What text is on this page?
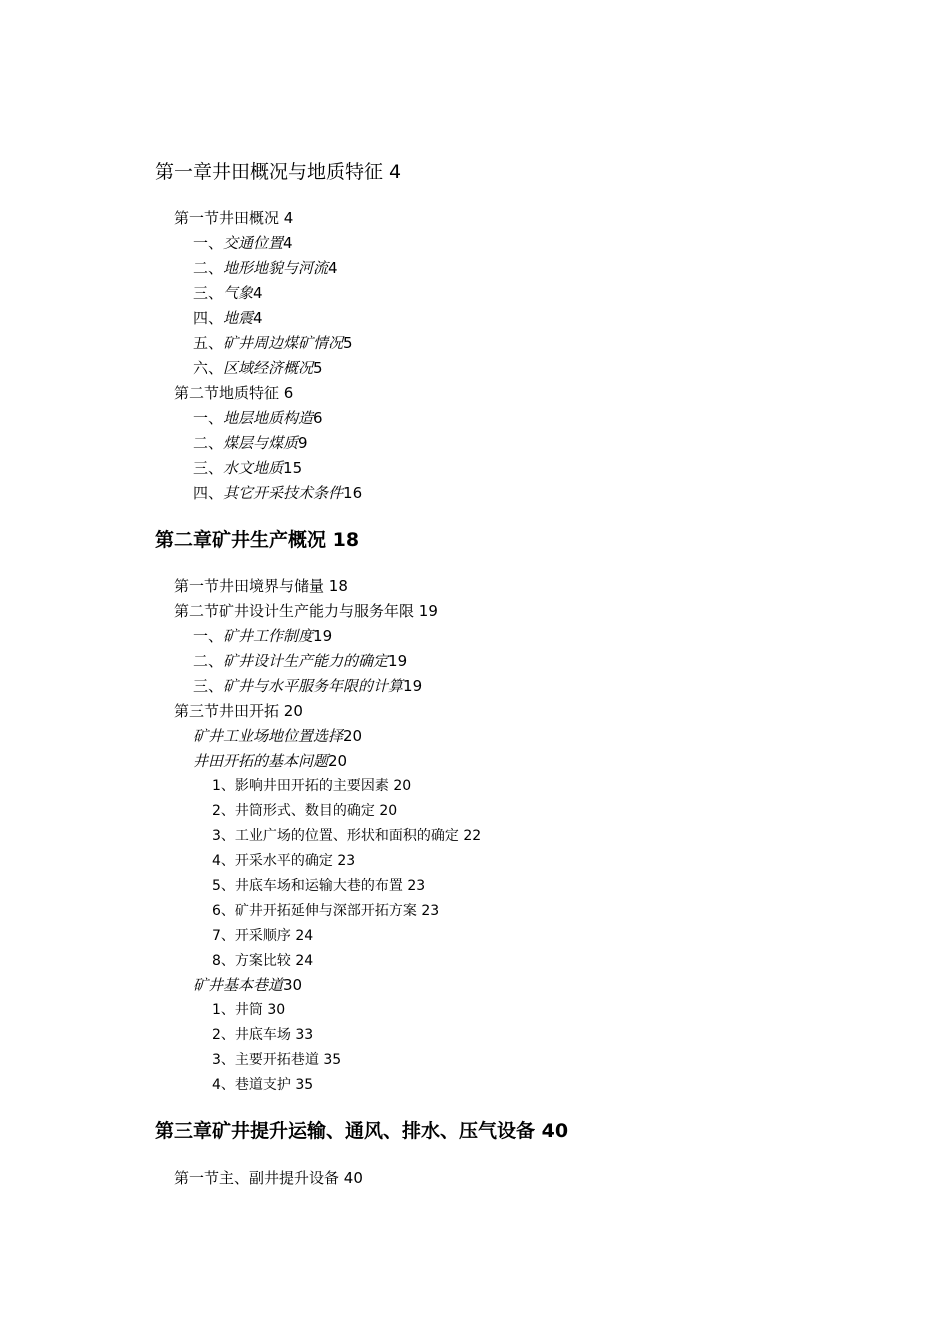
第一章井田概况与地质特征 4
第一节井田概况 4
一、交通位置4
二、地形地貌与河流4
三、气象4
四、地震4
五、矿井周边煤矿情况5
六、区域经济概况5
第二节地质特征 6
一、地层地质构造6
二、煤层与煤质9
三、水文地质15
四、其它开采技术条件16
第二章矿井生产概况 18
第一节井田境界与储量 18
第二节矿井设计生产能力与服务年限 19
一、矿井工作制度19
二、矿井设计生产能力的确定19
三、矿井与水平服务年限的计算19
第三节井田开拓 20
矿井工业场地位置选择20
井田开拓的基本问题20
1、影响井田开拓的主要因素 20
2、井筒形式、数目的确定 20
3、工业广场的位置、形状和面积的确定 22
4、开采水平的确定 23
5、井底车场和运输大巷的布置 23
6、矿井开拓延伸与深部开拓方案 23
7、开采顺序 24
8、方案比较 24
矿井基本巷道30
1、井筒 30
2、井底车场 33
3、主要开拓巷道 35
4、巷道支护 35
第三章矿井提升运输、通风、排水、压气设备 40
第一节主、副井提升设备 40
